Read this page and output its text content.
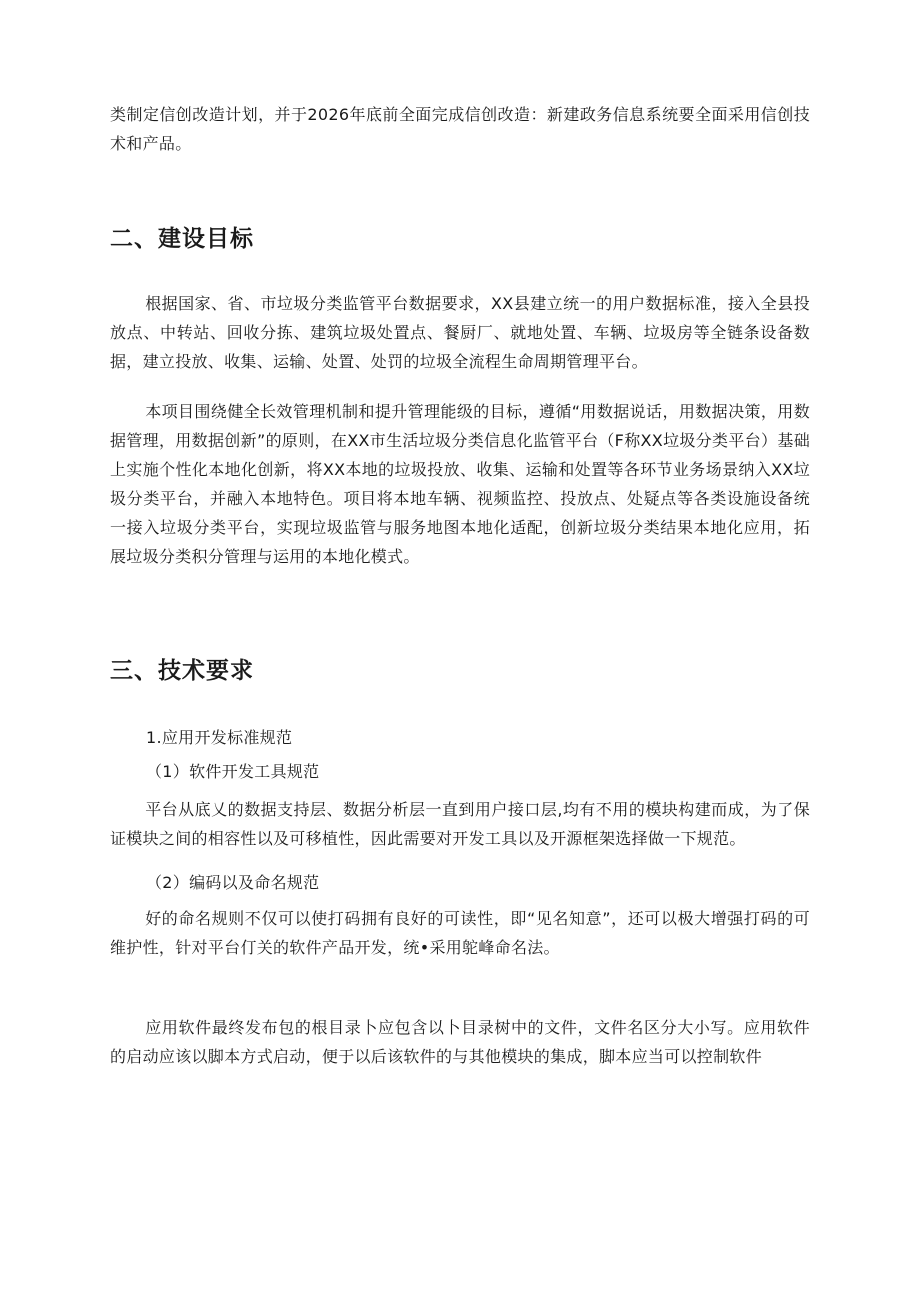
类制定信创改造计划，并于2026年底前全面完成信创改造：新建政务信息系统要全面采用信创技术和产品。

二、建设目标

根据国家、省、市垃圾分类监管平台数据要求，XX县建立统一的用户数据标准，接入全县投放点、中转站、回收分拣、建筑垃圾处置点、餐厨厂、就地处置、车辆、垃圾房等全链条设备数据，建立投放、收集、运输、处置、处罚的垃圾全流程生命周期管理平台。

本项目围绕健全长效管理机制和提升管理能级的目标，遵循“用数据说话，用数据决策，用数据管理，用数据创新”的原则，在XX市生活垃圾分类信息化监管平台（F称XX垃圾分类平台）基础上实施个性化本地化创新，将XX本地的垃圾投放、收集、运输和处置等各环节业务场景纳入XX垃圾分类平台，并融入本地特色。项目将本地车辆、视频监控、投放点、处疑点等各类设施设备统一接入垃圾分类平台，实现垃圾监管与服务地图本地化适配，创新垃圾分类结果本地化应用，拓展垃圾分类积分管理与运用的本地化模式。

三、技术要求
1.应用开发标准规范
（1）软件开发工具规范

平台从底乂的数据支持层、数据分析层一直到用户接口层,均有不用的模块构建而成，为了保证模块之间的相容性以及可移植性，因此需要对开发工具以及开源框架选择做一下规范。

（2）编码以及命名规范

好的命名规则不仅可以使打码拥有良好的可读性，即“见名知意”，还可以极大增强打码的可维护性，针对平台仃关的软件产品开发，统•采用鸵峰命名法。

应用软件最终发布包的根目录卜应包含以卜目录树中的文件，文件名区分大小写。应用软件的启动应该以脚本方式启动，便于以后该软件的与其他模块的集成，脚本应当可以控制软件
